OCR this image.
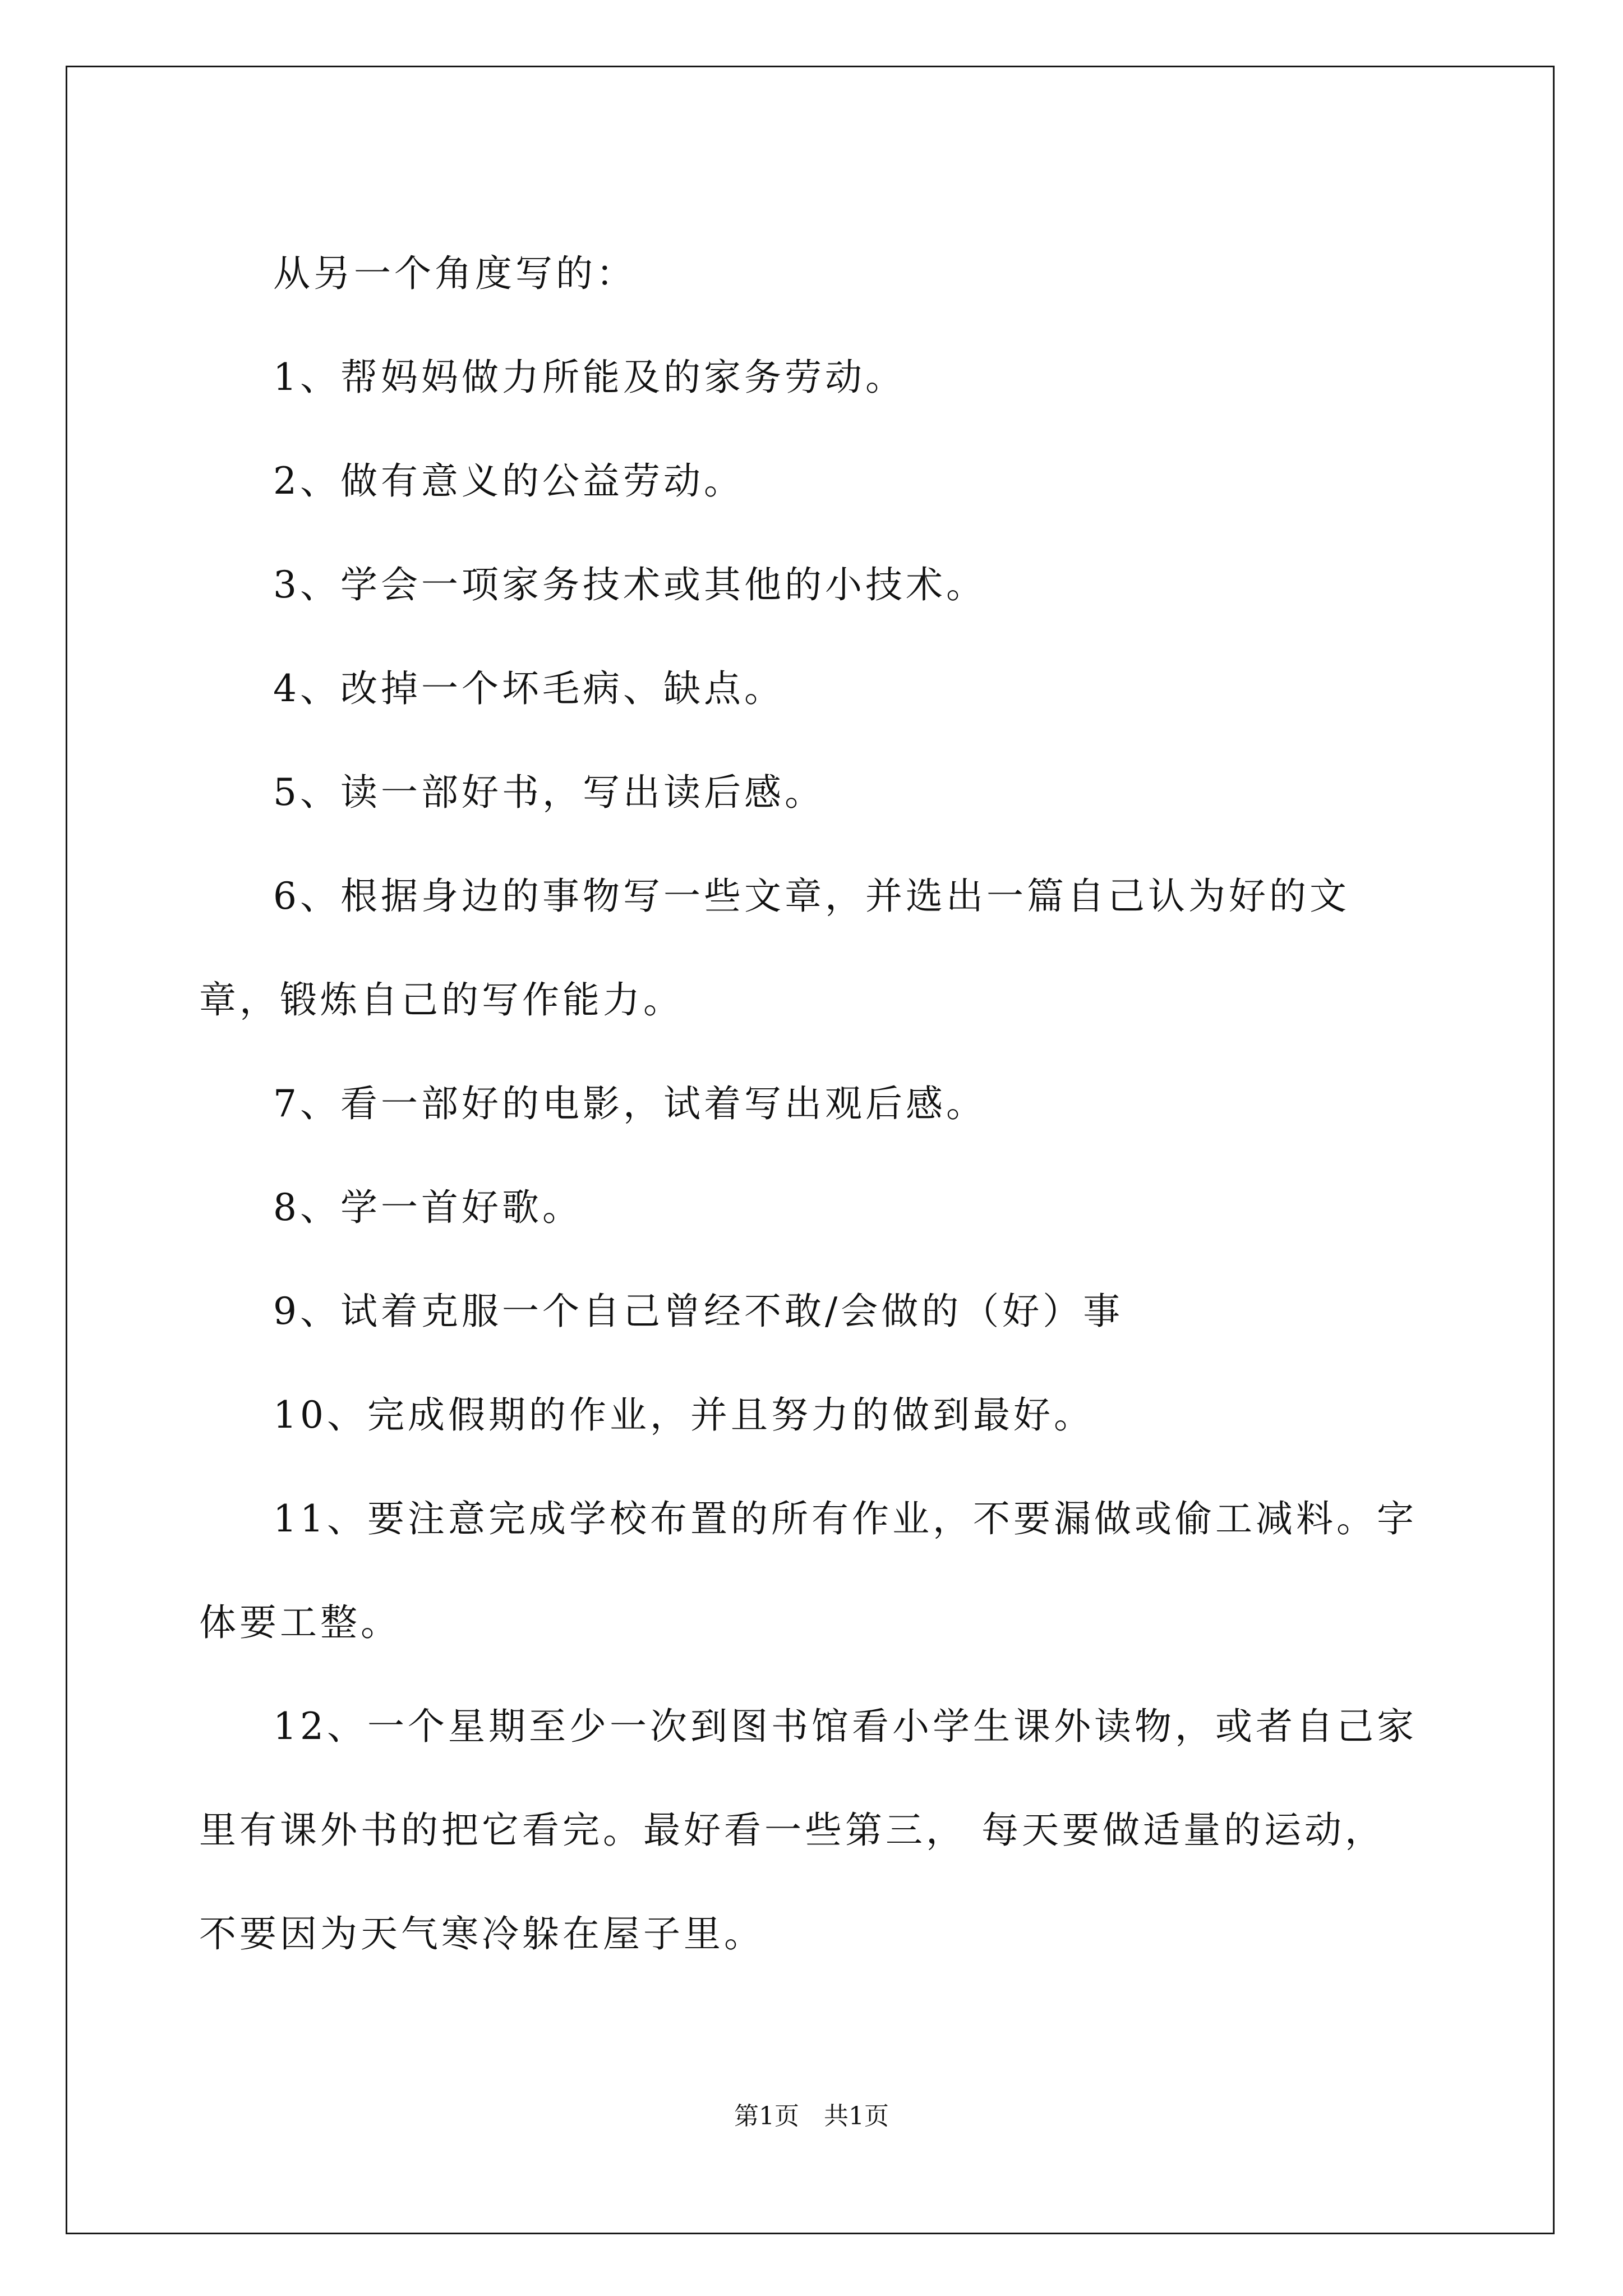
从另一个角度写的：

1、帮妈妈做力所能及的家务劳动。

2、做有意义的公益劳动。

3、学会一项家务技术或其他的小技术。

4、改掉一个坏毛病、缺点。

5、读一部好书，写出读后感。

6、根据身边的事物写一些文章，并选出一篇自己认为好的文章，锻炼自己的写作能力。

7、看一部好的电影，试着写出观后感。

8、学一首好歌。

9、试着克服一个自己曾经不敢/会做的（好）事

10、完成假期的作业，并且努力的做到最好。

11、要注意完成学校布置的所有作业，不要漏做或偷工减料。字体要工整。

12、一个星期至少一次到图书馆看小学生课外读物，或者自己家里有课外书的把它看完。最好看一些第三， 每天要做适量的运动，不要因为天气寒冷躲在屋子里。

第1页　共1页
